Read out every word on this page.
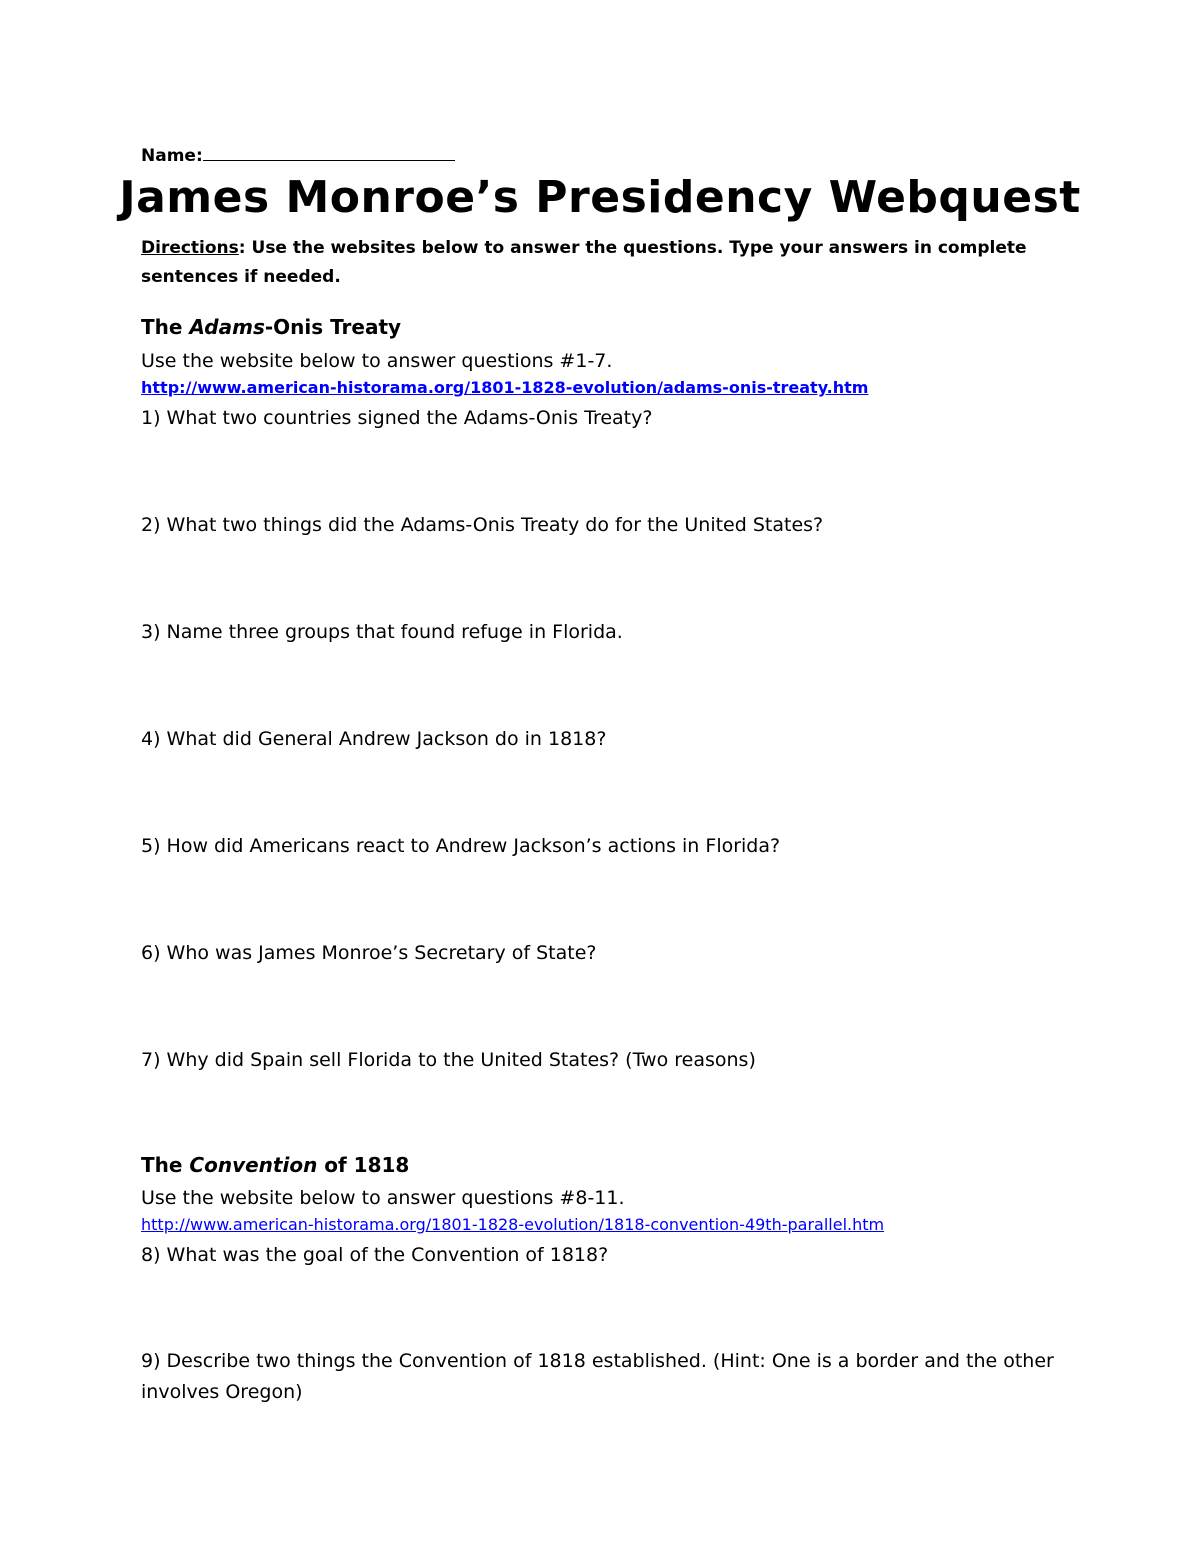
Name:
James Monroe’s Presidency Webquest
Directions: Use the websites below to answer the questions. Type your answers in complete sentences if needed.
The Adams-Onis Treaty
Use the website below to answer questions #1-7.
http://www.american-historama.org/1801-1828-evolution/adams-onis-treaty.htm
1) What two countries signed the Adams-Onis Treaty?
2) What two things did the Adams-Onis Treaty do for the United States?
3) Name three groups that found refuge in Florida.
4) What did General Andrew Jackson do in 1818?
5) How did Americans react to Andrew Jackson’s actions in Florida?
6) Who was James Monroe’s Secretary of State?
7) Why did Spain sell Florida to the United States? (Two reasons)
The Convention of 1818
Use the website below to answer questions #8-11.
http://www.american-historama.org/1801-1828-evolution/1818-convention-49th-parallel.htm
8) What was the goal of the Convention of 1818?
9) Describe two things the Convention of 1818 established. (Hint: One is a border and the other involves Oregon)
